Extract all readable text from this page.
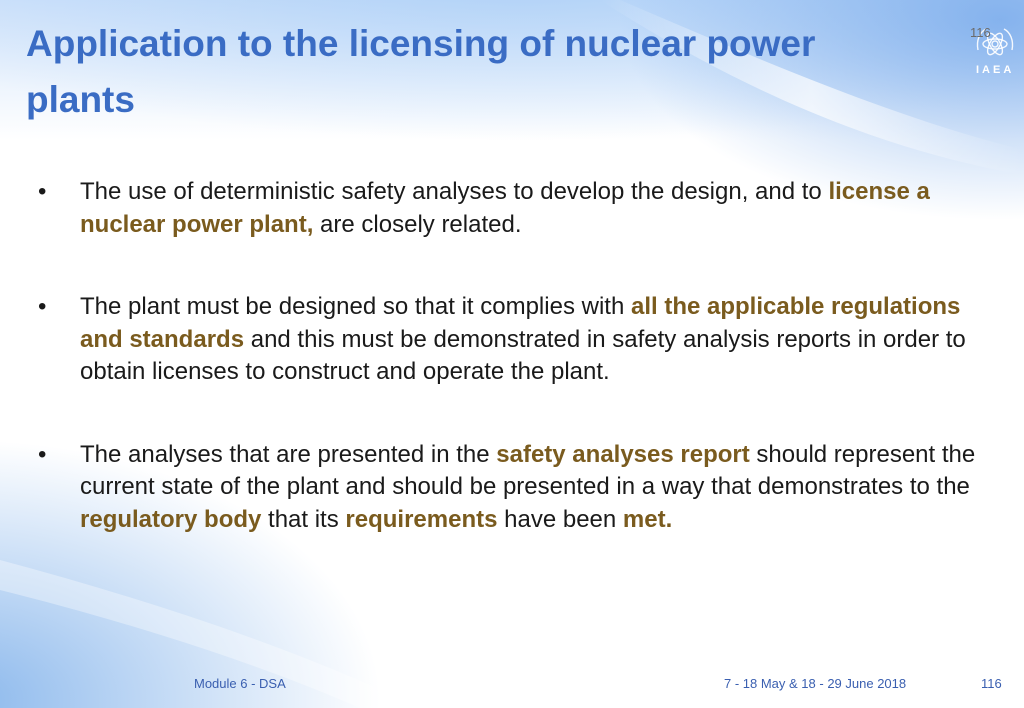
Application to the licensing of nuclear power plants
116
IAEA
• The use of deterministic safety analyses to develop the design, and to license a nuclear power plant, are closely related.
• The plant must be designed so that it complies with all the applicable regulations and standards and this must be demonstrated in safety analysis reports in order to obtain licenses to construct and operate the plant.
• The analyses that are presented in the safety analyses report should represent the current state of the plant and should be presented in a way that demonstrates to the regulatory body that its requirements have been met.
Module 6 - DSA	7 - 18 May & 18 - 29 June 2018	116
